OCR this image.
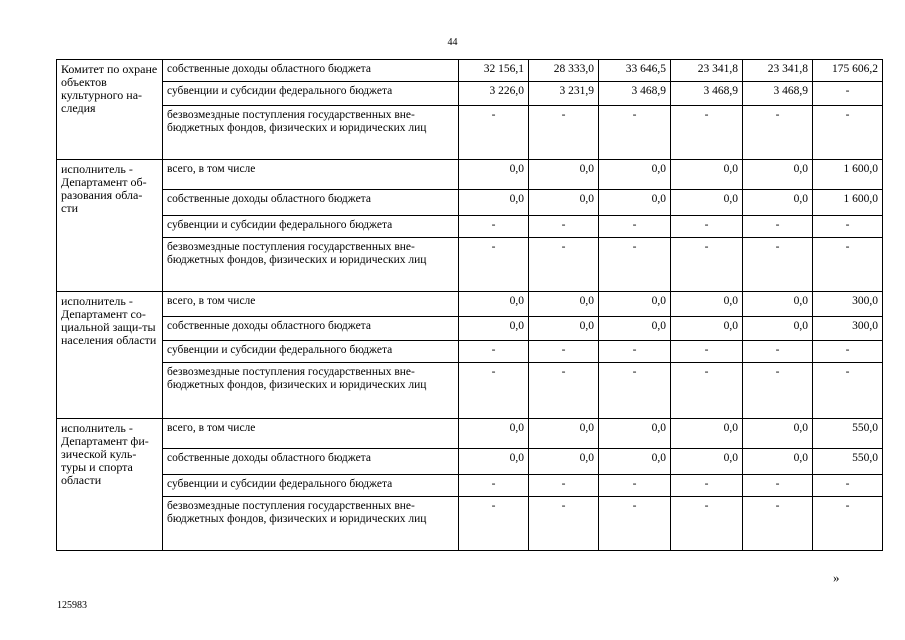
44
Комитет по охране объектов культурного на-следия	собственные доходы областного бюджета	32 156,1	28 333,0	33 646,5	23 341,8	23 341,8	175 606,2
	субвенции и субсидии федерального бюджета	3 226,0	3 231,9	3 468,9	3 468,9	3 468,9	-
	безвозмездные поступления государственных вне-бюджетных фондов, физических и юридических лиц	-	-	-	-	-	-
исполнитель - Департамент об-разования обла-сти	всего, в том числе	0,0	0,0	0,0	0,0	0,0	1 600,0
	собственные доходы областного бюджета	0,0	0,0	0,0	0,0	0,0	1 600,0
	субвенции и субсидии федерального бюджета	-	-	-	-	-	-
	безвозмездные поступления государственных вне-бюджетных фондов, физических и юридических лиц	-	-	-	-	-	-
исполнитель - Департамент со-циальной защи-ты населения области	всего, в том числе	0,0	0,0	0,0	0,0	0,0	300,0
	собственные доходы областного бюджета	0,0	0,0	0,0	0,0	0,0	300,0
	субвенции и субсидии федерального бюджета	-	-	-	-	-	-
	безвозмездные поступления государственных вне-бюджетных фондов, физических и юридических лиц	-	-	-	-	-	-
исполнитель - Департамент фи-зической куль-туры и спорта области	всего, в том числе	0,0	0,0	0,0	0,0	0,0	550,0
	собственные доходы областного бюджета	0,0	0,0	0,0	0,0	0,0	550,0
	субвенции и субсидии федерального бюджета	-	-	-	-	-	-
	безвозмездные поступления государственных вне-бюджетных фондов, физических и юридических лиц	-	-	-	-	-	-
»
125983
